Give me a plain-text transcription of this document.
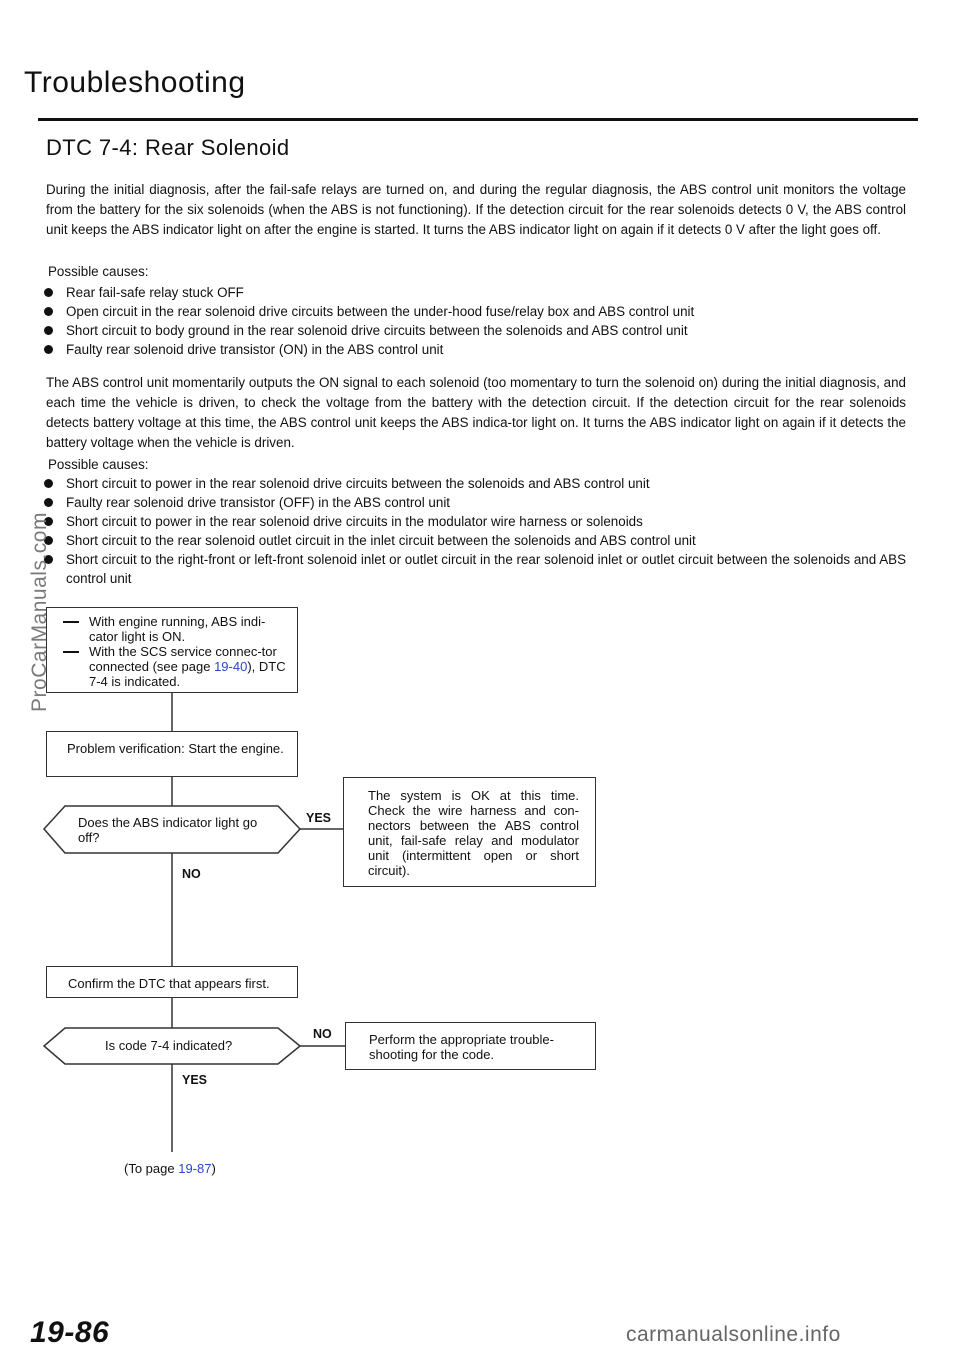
Troubleshooting
DTC 7-4: Rear Solenoid
During the initial diagnosis, after the fail-safe relays are turned on, and during the regular diagnosis, the ABS control unit monitors the voltage from the battery for the six solenoids (when the ABS is not functioning). If the detection circuit for the rear solenoids detects 0 V, the ABS control unit keeps the ABS indicator light on after the engine is started. It turns the ABS indicator light on again if it detects 0 V after the light goes off.
Possible causes:
Rear fail-safe relay stuck OFF
Open circuit in the rear solenoid drive circuits between the under-hood fuse/relay box and ABS control unit
Short circuit to body ground in the rear solenoid drive circuits between the solenoids and ABS control unit
Faulty rear solenoid drive transistor (ON) in the ABS control unit
The ABS control unit momentarily outputs the ON signal to each solenoid (too momentary to turn the solenoid on) during the initial diagnosis, and each time the vehicle is driven, to check the voltage from the battery with the detection circuit. If the detection circuit for the rear solenoids detects battery voltage at this time, the ABS control unit keeps the ABS indica-tor light on. It turns the ABS indicator light on again if it detects the battery voltage when the vehicle is driven.
Possible causes:
Short circuit to power in the rear solenoid drive circuits between the solenoids and ABS control unit
Faulty rear solenoid drive transistor (OFF) in the ABS control unit
Short circuit to power in the rear solenoid drive circuits in the modulator wire harness or solenoids
Short circuit to the rear solenoid outlet circuit in the inlet circuit between the solenoids and ABS control unit
Short circuit to the right-front or left-front solenoid inlet or outlet circuit in the rear solenoid inlet or outlet circuit between the solenoids and ABS control unit
ProCarManuals.com	With engine running, ABS indi-cator light is ON.
With the SCS service connec-tor connected (see page 19-40), DTC 7-4 is indicated.
Problem verification: Start the engine.
Does the ABS indicator light go off?
YES
NO
The system is OK at this time. Check the wire harness and con-nectors between the ABS control unit, fail-safe relay and modulator unit (intermittent open or short circuit).
Confirm the DTC that appears first.
Is code 7-4 indicated?
NO
YES
Perform the appropriate trouble-shooting for the code.
(To page 19-87)
19-86	carmanualsonline.info
